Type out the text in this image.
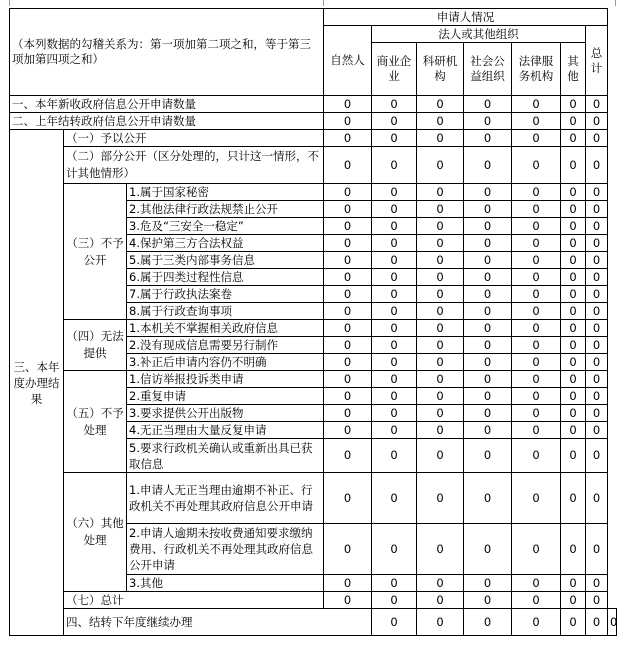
（本列数据的勾稽关系为：第一项加第二项之和，等于第三项加第四项之和）			申请人情况								
			自然人	法人或其他组织					总计		
				商业企业	科研机构	社会公益组织	法律服务机构	其他			
一、本年新收政府信息公开申请数量			0	0	0	0	0	0	0		
二、上年结转政府信息公开申请数量			0	0	0	0	0	0	0		
三、本年度办理结果	（一）予以公开		0	0	0	0	0	0	0		
	（二）部分公开（区分处理的，只计这一情形，不计其他情形）		0	0	0	0	0	0	0		
	（三）不予公开	1.属于国家秘密	0	0	0	0	0	0	0		
		2.其他法律行政法规禁止公开	0	0	0	0	0	0	0		
		3.危及“三安全一稳定”	0	0	0	0	0	0	0		
		4.保护第三方合法权益	0	0	0	0	0	0	0		
		5.属于三类内部事务信息	0	0	0	0	0	0	0		
		6.属于四类过程性信息	0	0	0	0	0	0	0		
		7.属于行政执法案卷	0	0	0	0	0	0	0		
		8.属于行政查询事项	0	0	0	0	0	0	0		
	（四）无法提供	1.本机关不掌握相关政府信息	0	0	0	0	0	0	0		
		2.没有现成信息需要另行制作	0	0	0	0	0	0	0		
		3.补正后申请内容仍不明确	0	0	0	0	0	0	0		
	（五）不予处理	1.信访举报投诉类申请	0	0	0	0	0	0	0		
		2.重复申请	0	0	0	0	0	0	0		
		3.要求提供公开出版物	0	0	0	0	0	0	0		
		4.无正当理由大量反复申请	0	0	0	0	0	0	0		
		5.要求行政机关确认或重新出具已获取信息	0	0	0	0	0	0	0		
	（六）其他处理	1.申请人无正当理由逾期不补正、行政机关不再处理其政府信息公开申请	0	0	0	0	0	0	0		
		2.申请人逾期未按收费通知要求缴纳费用、行政机关不再处理其政府信息公开申请	0	0	0	0	0	0	0		
		3.其他	0	0	0	0	0	0	0		
	（七）总计		0	0	0	0	0	0	0		
	四、结转下年度继续办理			0	0	0	0	0	0	0	
